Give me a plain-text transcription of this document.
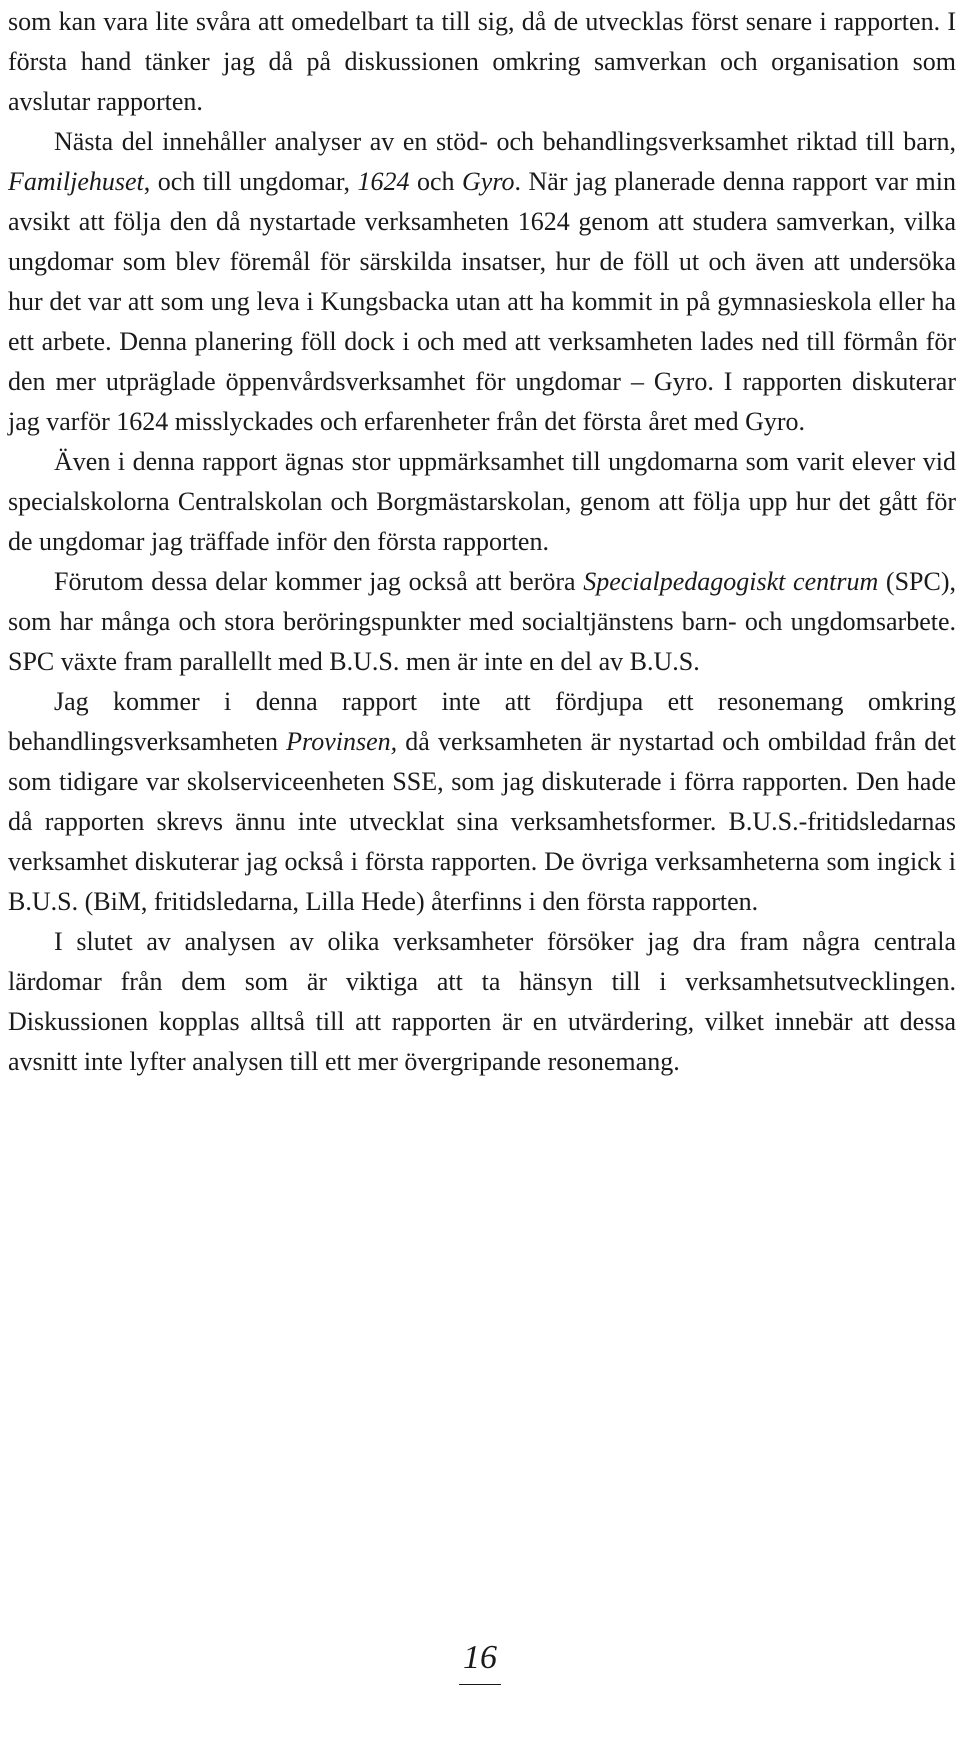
som kan vara lite svåra att omedelbart ta till sig, då de utvecklas först senare i rapporten. I första hand tänker jag då på diskussionen omkring samverkan och organisation som avslutar rapporten.

Nästa del innehåller analyser av en stöd- och behandlingsverksamhet riktad till barn, Familjehuset, och till ungdomar, 1624 och Gyro. När jag planerade denna rapport var min avsikt att följa den då nystartade verksamheten 1624 genom att studera samverkan, vilka ungdomar som blev föremål för särskilda insatser, hur de föll ut och även att undersöka hur det var att som ung leva i Kungsbacka utan att ha kommit in på gymnasieskola eller ha ett arbete. Denna planering föll dock i och med att verksamheten lades ned till förmån för den mer utpräglade öppenvårdsverksamhet för ungdomar – Gyro. I rapporten diskuterar jag varför 1624 misslyckades och erfarenheter från det första året med Gyro.

Även i denna rapport ägnas stor uppmärksamhet till ungdomarna som varit elever vid specialskolorna Centralskolan och Borgmästarskolan, genom att följa upp hur det gått för de ungdomar jag träffade inför den första rapporten.

Förutom dessa delar kommer jag också att beröra Specialpedagogiskt centrum (SPC), som har många och stora beröringspunkter med socialtjänstens barn- och ungdomsarbete. SPC växte fram parallellt med B.U.S. men är inte en del av B.U.S.

Jag kommer i denna rapport inte att fördjupa ett resonemang omkring behandlingsverksamheten Provinsen, då verksamheten är nystartad och ombildad från det som tidigare var skolserviceenheten SSE, som jag diskuterade i förra rapporten. Den hade då rapporten skrevs ännu inte utvecklat sina verksamhetsformer. B.U.S.-fritidsledarnas verksamhet diskuterar jag också i första rapporten. De övriga verksamheterna som ingick i B.U.S. (BiM, fritidsledarna, Lilla Hede) återfinns i den första rapporten.

I slutet av analysen av olika verksamheter försöker jag dra fram några centrala lärdomar från dem som är viktiga att ta hänsyn till i verksamhetsutvecklingen. Diskussionen kopplas alltså till att rapporten är en utvärdering, vilket innebär att dessa avsnitt inte lyfter analysen till ett mer övergripande resonemang.

16
